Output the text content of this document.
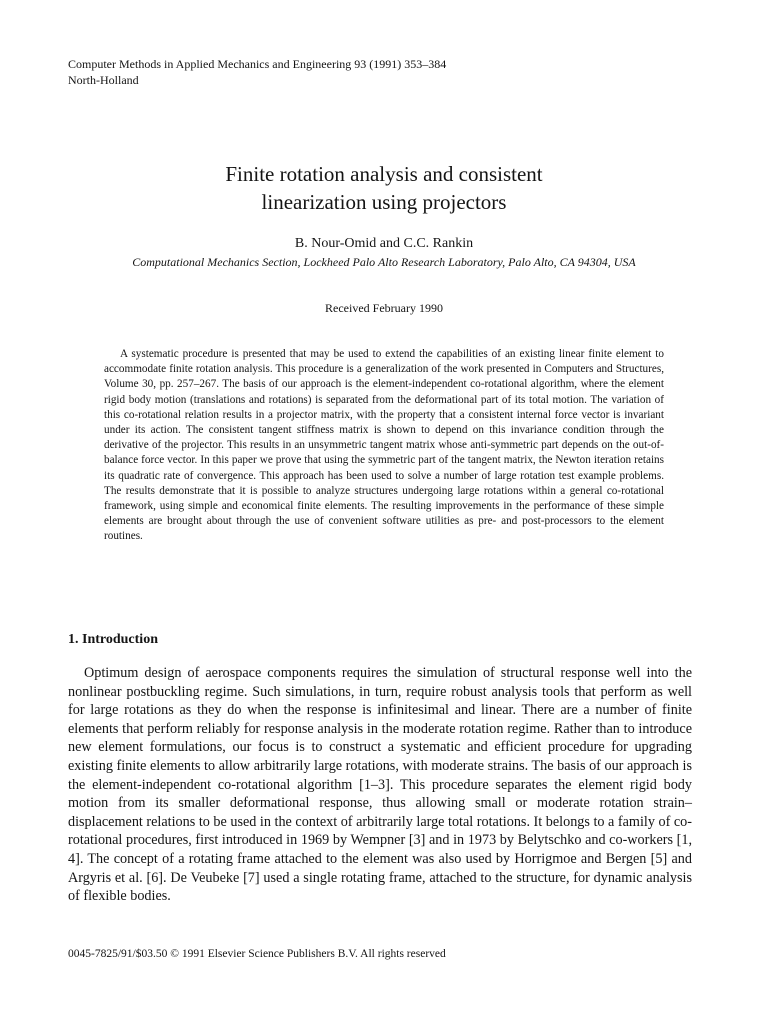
Computer Methods in Applied Mechanics and Engineering 93 (1991) 353–384
North-Holland
Finite rotation analysis and consistent
linearization using projectors
B. Nour-Omid and C.C. Rankin
Computational Mechanics Section, Lockheed Palo Alto Research Laboratory, Palo Alto, CA 94304, USA
Received February 1990

A systematic procedure is presented that may be used to extend the capabilities of an existing linear finite element to accommodate finite rotation analysis. This procedure is a generalization of the work presented in Computers and Structures, Volume 30, pp. 257–267. The basis of our approach is the element-independent co-rotational algorithm, where the element rigid body motion (translations and rotations) is separated from the deformational part of its total motion. The variation of this co-rotational relation results in a projector matrix, with the property that a consistent internal force vector is invariant under its action. The consistent tangent stiffness matrix is shown to depend on this invariance condition through the derivative of the projector. This results in an unsymmetric tangent matrix whose anti-symmetric part depends on the out-of-balance force vector. In this paper we prove that using the symmetric part of the tangent matrix, the Newton iteration retains its quadratic rate of convergence. This approach has been used to solve a number of large rotation test example problems. The results demonstrate that it is possible to analyze structures undergoing large rotations within a general co-rotational framework, using simple and economical finite elements. The resulting improvements in the performance of these simple elements are brought about through the use of convenient software utilities as pre- and post-processors to the element routines.

1. Introduction

Optimum design of aerospace components requires the simulation of structural response well into the nonlinear postbuckling regime. Such simulations, in turn, require robust analysis tools that perform as well for large rotations as they do when the response is infinitesimal and linear. There are a number of finite elements that perform reliably for response analysis in the moderate rotation regime. Rather than to introduce new element formulations, our focus is to construct a systematic and efficient procedure for upgrading existing finite elements to allow arbitrarily large rotations, with moderate strains. The basis of our approach is the element-independent co-rotational algorithm [1–3]. This procedure separates the element rigid body motion from its smaller deformational response, thus allowing small or moderate rotation strain–displacement relations to be used in the context of arbitrarily large total rotations. It belongs to a family of co-rotational procedures, first introduced in 1969 by Wempner [3] and in 1973 by Belytschko and co-workers [1, 4]. The concept of a rotating frame attached to the element was also used by Horrigmoe and Bergen [5] and Argyris et al. [6]. De Veubeke [7] used a single rotating frame, attached to the structure, for dynamic analysis of flexible bodies.

0045-7825/91/$03.50 © 1991 Elsevier Science Publishers B.V. All rights reserved
